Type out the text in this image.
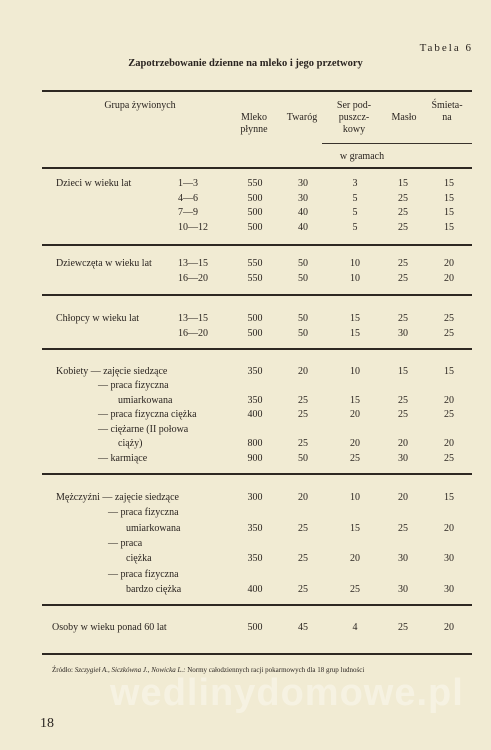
Tabela 6
Zapotrzebowanie dzienne na mleko i jego przetwory
Grupa żywionych
Mleko
płynne
Twaróg
Ser pod-
puszcz-
kowy
Masło
Śmieta-
na
w gramach
Dzieci w wieku lat	1—3	550	30	3	15	15
4—6	500	30	5	25	15
7—9	500	40	5	25	15
10—12	500	40	5	25	15
Dziewczęta w wieku lat	13—15	550	50	10	25	20
16—20	550	50	10	25	20
Chłopcy w wieku lat	13—15	500	50	15	25	25
16—20	500	50	15	30	25
Kobiety — zajęcie siedzące	350	20	10	15	15
— praca fizyczna
umiarkowana	350	25	15	25	20
— praca fizyczna ciężka	400	25	20	25	25
— ciężarne (II połowa
ciąży)	800	25	20	20	20
— karmiące	900	50	25	30	25
Mężczyźni — zajęcie siedzące	300	20	10	20	15
— praca fizyczna
umiarkowana	350	25	15	25	20
— praca
ciężka	350	25	20	30	30
— praca fizyczna
bardzo ciężka	400	25	25	30	30
Osoby w wieku ponad 60 lat	500	45	4	25	20
Źródło: Szczygieł A., Siczkówna J., Nowicka L.: Normy całodziennych racji pokarmowych dla 18 grup ludności
wedlinydomowe.pl
18
